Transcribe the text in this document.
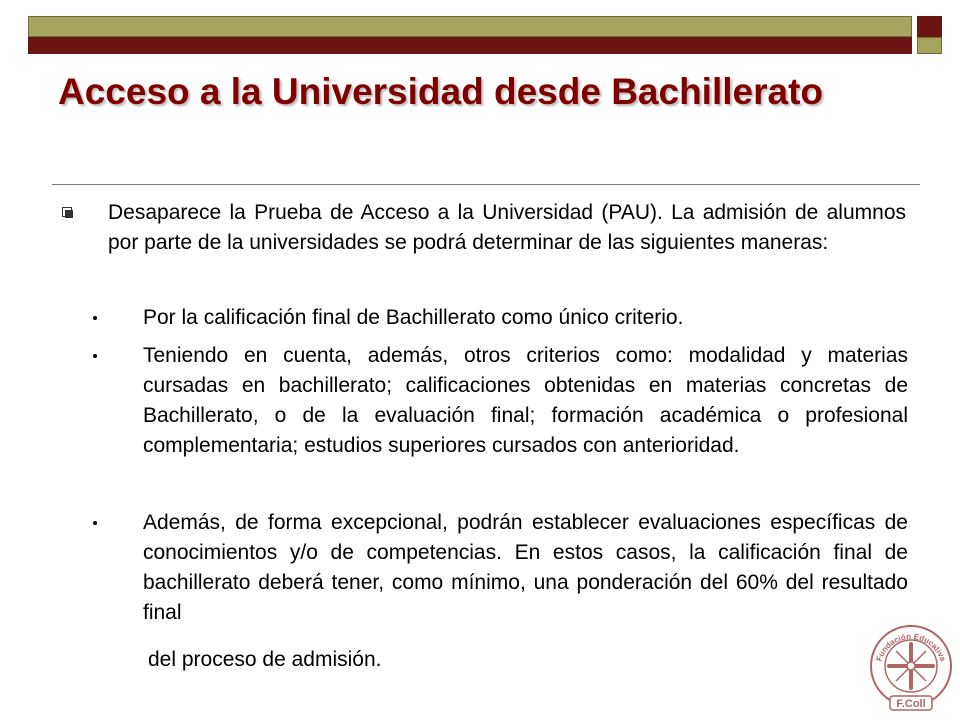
Acceso a la Universidad desde Bachillerato
Desaparece la Prueba de Acceso a la Universidad (PAU). La admisión de alumnos por parte de la universidades se podrá determinar de las siguientes maneras:
Por la calificación final de Bachillerato como único criterio.
Teniendo en cuenta, además, otros criterios como: modalidad y materias cursadas en bachillerato; calificaciones obtenidas en materias concretas de Bachillerato, o de la evaluación final; formación académica o profesional complementaria; estudios superiores cursados con anterioridad.
Además, de forma excepcional, podrán establecer evaluaciones específicas de conocimientos y/o de competencias. En estos casos, la calificación final de bachillerato deberá tener, como mínimo, una ponderación del 60% del resultado final
del proceso de admisión.	Fundación Educativa
F.Coll
